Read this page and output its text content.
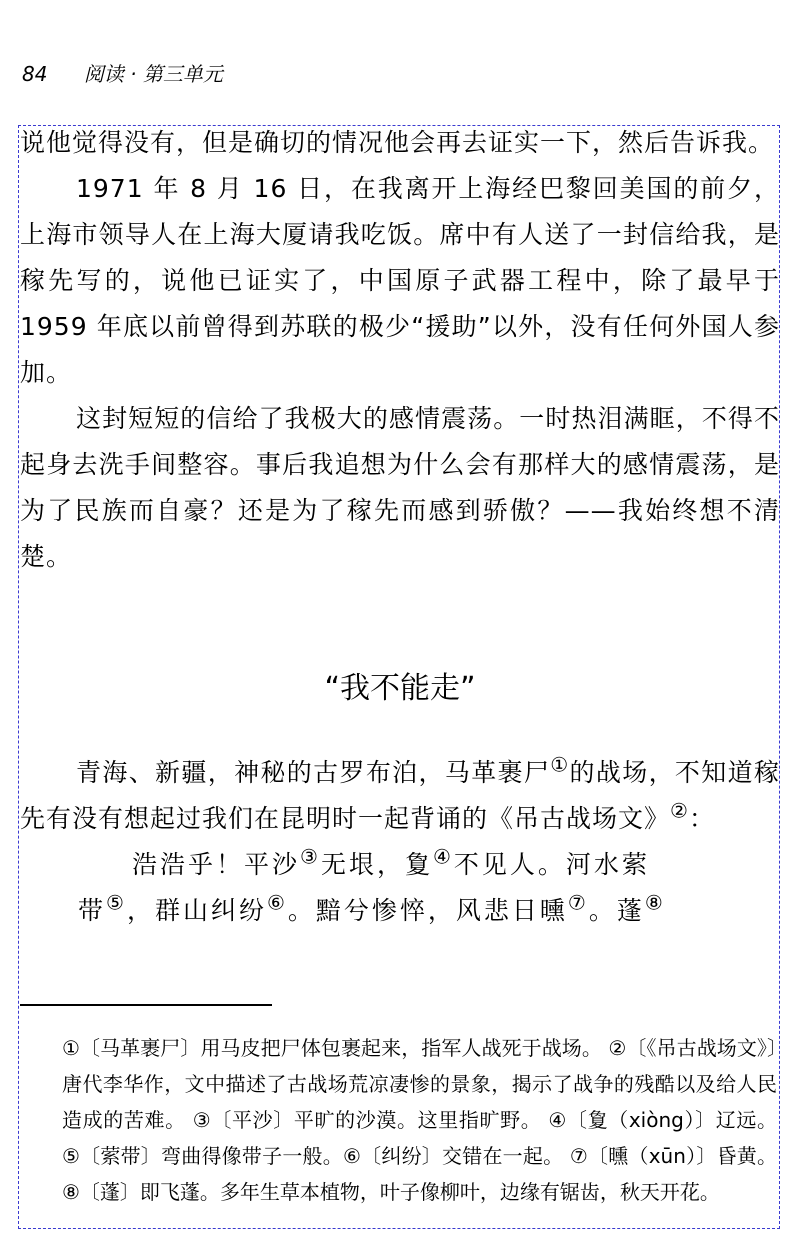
84 阅读 · 第三单元

说他觉得没有，但是确切的情况他会再去证实一下，然后告诉我。

1971 年 8 月 16 日，在我离开上海经巴黎回美国的前夕，上海市领导人在上海大厦请我吃饭。席中有人送了一封信给我，是稼先写的，说他已证实了，中国原子武器工程中，除了最早于 1959 年底以前曾得到苏联的极少“援助”以外，没有任何外国人参加。

这封短短的信给了我极大的感情震荡。一时热泪满眶，不得不起身去洗手间整容。事后我追想为什么会有那样大的感情震荡，是为了民族而自豪？还是为了稼先而感到骄傲？——我始终想不清楚。

“我不能走”

青海、新疆，神秘的古罗布泊，马革裹尸①的战场，不知道稼先有没有想起过我们在昆明时一起背诵的《吊古战场文》②：

浩浩乎！平沙③无垠，夐④不见人。河水萦

带⑤，群山纠纷⑥。黯兮惨悴，风悲日曛⑦。蓬⑧

①〔马革裹尸〕用马皮把尸体包裹起来，指军人战死于战场。 ②〔《吊古战场文》〕唐代李华作，文中描述了古战场荒凉凄惨的景象，揭示了战争的残酷以及给人民造成的苦难。 ③〔平沙〕平旷的沙漠。这里指旷野。 ④〔夐（xiòng）〕辽远。 ⑤〔萦带〕弯曲得像带子一般。⑥〔纠纷〕交错在一起。 ⑦〔曛（xūn）〕昏黄。 ⑧〔蓬〕即飞蓬。多年生草本植物，叶子像柳叶，边缘有锯齿，秋天开花。
